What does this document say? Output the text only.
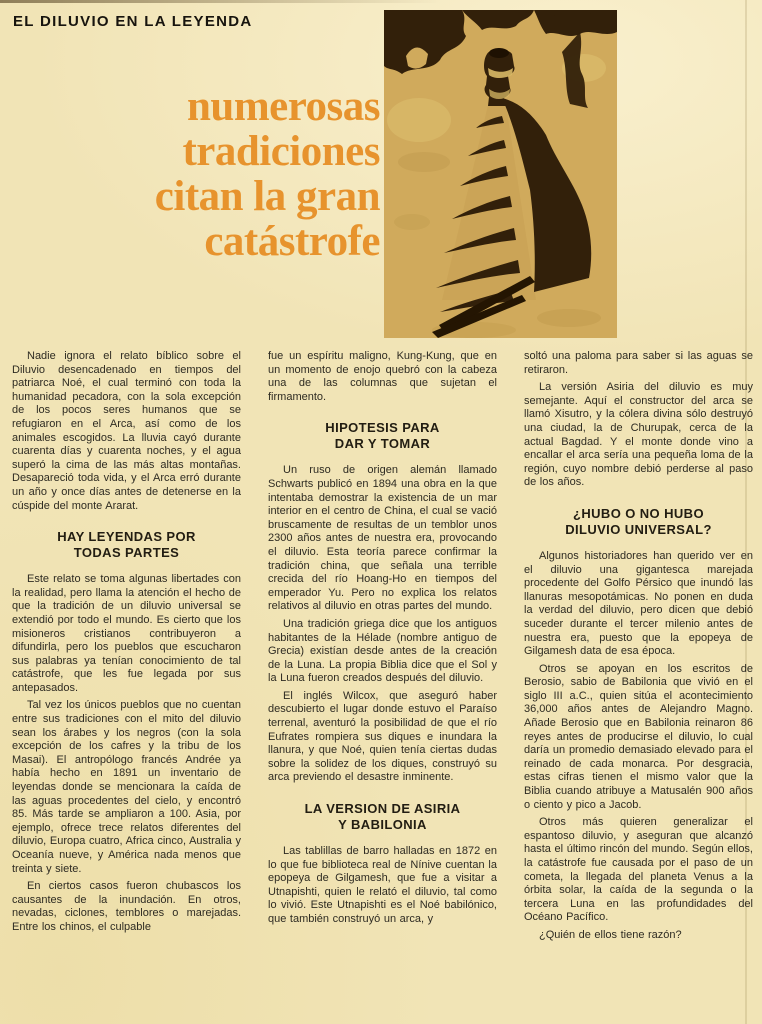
EL DILUVIO EN LA LEYENDA
numerosas
tradiciones
citan la gran
catástrofe

Nadie ignora el relato bíblico sobre el Diluvio desencadenado en tiempos del patriarca Noé, el cual terminó con toda la humanidad pecadora, con la sola excepción de los pocos seres humanos que se refugiaron en el Arca, así como de los animales escogidos. La lluvia cayó durante cuarenta días y cuarenta noches, y el agua superó la cima de las más altas montañas. Desapareció toda vida, y el Arca erró durante un año y once días antes de detenerse en la cúspide del monte Ararat.

HAY LEYENDAS POR
TODAS PARTES

Este relato se toma algunas libertades con la realidad, pero llama la atención el hecho de que la tradición de un diluvio universal se extendió por todo el mundo. Es cierto que los misioneros cristianos contribuyeron a difundirla, pero los pueblos que escucharon sus palabras ya tenían conocimiento de tal catástrofe, que les fue legada por sus antepasados.

Tal vez los únicos pueblos que no cuentan entre sus tradiciones con el mito del diluvio sean los árabes y los negros (con la sola excepción de los cafres y la tribu de los Masai). El antropólogo francés Andrée ya había hecho en 1891 un inventario de leyendas donde se mencionara la caída de las aguas procedentes del cielo, y encontró 85. Más tarde se ampliaron a 100. Asia, por ejemplo, ofrece trece relatos diferentes del diluvio, Europa cuatro, Africa cinco, Australia y Oceanía nueve, y América nada menos que treinta y siete.

En ciertos casos fueron chubascos los causantes de la inundación. En otros, nevadas, ciclones, temblores o marejadas. Entre los chinos, el culpable

fue un espíritu maligno, Kung-Kung, que en un momento de enojo quebró con la cabeza una de las columnas que sujetan el firmamento.

HIPOTESIS PARA
DAR Y TOMAR

Un ruso de origen alemán llamado Schwarts publicó en 1894 una obra en la que intentaba demostrar la existencia de un mar interior en el centro de China, el cual se vació bruscamente de resultas de un temblor unos 2300 años antes de nuestra era, provocando el diluvio. Esta teoría parece confirmar la tradición china, que señala una terrible crecida del río Hoang-Ho en tiempos del emperador Yu. Pero no explica los relatos relativos al diluvio en otras partes del mundo.

Una tradición griega dice que los antiguos habitantes de la Hélade (nombre antiguo de Grecia) existían desde antes de la creación de la Luna. La propia Biblia dice que el Sol y la Luna fueron creados después del diluvio.

El inglés Wilcox, que aseguró haber descubierto el lugar donde estuvo el Paraíso terrenal, aventuró la posibilidad de que el río Eufrates rompiera sus diques e inundara la llanura, y que Noé, quien tenía ciertas dudas sobre la solidez de los diques, construyó su arca previendo el desastre inminente.

LA VERSION DE ASIRIA
Y BABILONIA

Las tablillas de barro halladas en 1872 en lo que fue biblioteca real de Nínive cuentan la epopeya de Gilgamesh, que fue a visitar a Utnapishti, quien le relató el diluvio, tal como lo vivió. Este Utnapishti es el Noé babilónico, que también construyó un arca, y

soltó una paloma para saber si las aguas se retiraron.

La versión Asiria del diluvio es muy semejante. Aquí el constructor del arca se llamó Xisutro, y la cólera divina sólo destruyó una ciudad, la de Churupak, cerca de la actual Bagdad. Y el monte donde vino a encallar el arca sería una pequeña loma de la región, cuyo nombre debió perderse al paso de los años.

¿HUBO O NO HUBO
DILUVIO UNIVERSAL?

Algunos historiadores han querido ver en el diluvio una gigantesca marejada procedente del Golfo Pérsico que inundó las llanuras mesopotámicas. No ponen en duda la verdad del diluvio, pero dicen que debió suceder durante el tercer milenio antes de nuestra era, puesto que la epopeya de Gilgamesh data de esa época.

Otros se apoyan en los escritos de Berosio, sabio de Babilonia que vivió en el siglo III a.C., quien sitúa el acontecimiento 36,000 años antes de Alejandro Magno. Añade Berosio que en Babilonia reinaron 86 reyes antes de producirse el diluvio, lo cual daría un promedio demasiado elevado para el reinado de cada monarca. Por desgracia, estas cifras tienen el mismo valor que la Biblia cuando atribuye a Matusalén 900 años o ciento y pico a Jacob.

Otros más quieren generalizar el espantoso diluvio, y aseguran que alcanzó hasta el último rincón del mundo. Según ellos, la catástrofe fue causada por el paso de un cometa, la llegada del planeta Venus a la órbita solar, la caída de la segunda o la tercera Luna en las profundidades del Océano Pacífico.

¿Quién de ellos tiene razón?
